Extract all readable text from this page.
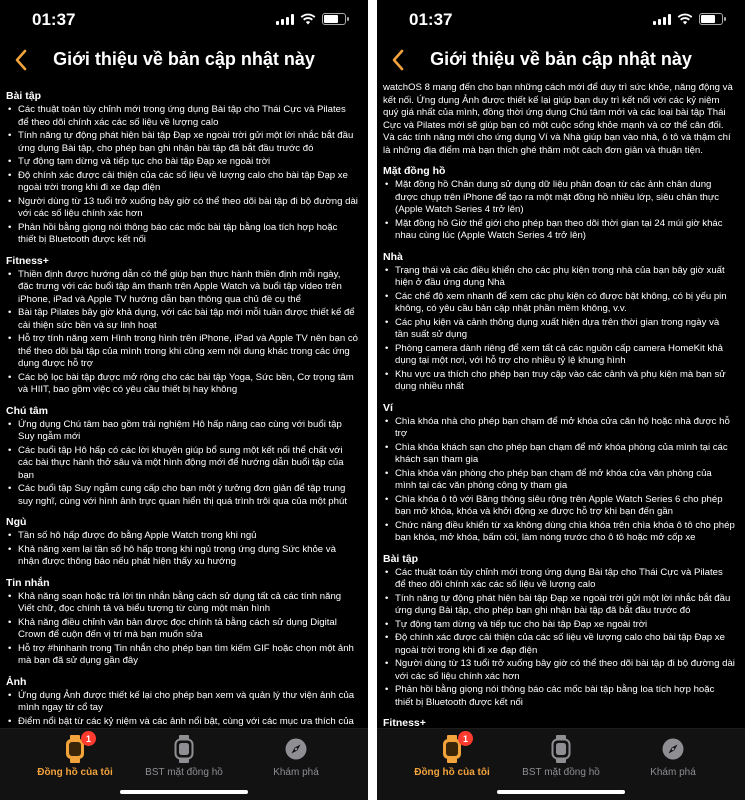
01:37
Giới thiệu về bản cập nhật này
Bài tập
• Các thuật toán tùy chỉnh mới trong ứng dụng Bài tập cho Thái Cực và Pilates để theo dõi chính xác các số liệu về lượng calo
• Tính năng tự động phát hiện bài tập Đạp xe ngoài trời gửi một lời nhắc bắt đầu ứng dụng Bài tập, cho phép bạn ghi nhận bài tập đã bắt đầu trước đó
• Tự động tạm dừng và tiếp tục cho bài tập Đạp xe ngoài trời
• Độ chính xác được cải thiện của các số liệu về lượng calo cho bài tập Đạp xe ngoài trời trong khi đi xe đạp điện
• Người dùng từ 13 tuổi trở xuống bây giờ có thể theo dõi bài tập đi bộ đường dài với các số liệu chính xác hơn
• Phản hồi bằng giọng nói thông báo các mốc bài tập bằng loa tích hợp hoặc thiết bị Bluetooth được kết nối
Fitness+
• Thiền định được hướng dẫn có thể giúp bạn thực hành thiền định mỗi ngày, đặc trưng với các buổi tập âm thanh trên Apple Watch và buổi tập video trên iPhone, iPad và Apple TV hướng dẫn bạn thông qua chủ đề cụ thể
• Bài tập Pilates bây giờ khả dụng, với các bài tập mới mỗi tuần được thiết kế để cải thiện sức bền và sự linh hoạt
• Hỗ trợ tính năng xem Hình trong hình trên iPhone, iPad và Apple TV nên bạn có thể theo dõi bài tập của mình trong khi cũng xem nội dung khác trong các ứng dụng được hỗ trợ
• Các bộ lọc bài tập được mở rộng cho các bài tập Yoga, Sức bền, Cơ trọng tâm và HIIT, bao gồm việc có yêu cầu thiết bị hay không
Chú tâm
• Ứng dụng Chú tâm bao gồm trải nghiệm Hô hấp nâng cao cùng với buổi tập Suy ngẫm mới
• Các buổi tập Hô hấp có các lời khuyên giúp bổ sung một kết nối thể chất với các bài thực hành thở sâu và một hình động mới để hướng dẫn buổi tập của bạn
• Các buổi tập Suy ngẫm cung cấp cho bạn một ý tưởng đơn giản để tập trung suy nghĩ, cùng với hình ảnh trực quan hiển thị quá trình trôi qua của một phút
Ngủ
• Tần số hô hấp được đo bằng Apple Watch trong khi ngủ
• Khả năng xem lại tần số hô hấp trong khi ngủ trong ứng dụng Sức khỏe và nhận được thông báo nếu phát hiện thấy xu hướng
Tin nhắn
• Khả năng soạn hoặc trả lời tin nhắn bằng cách sử dụng tất cả các tính năng Viết chữ, đọc chính tả và biểu tượng từ cùng một màn hình
• Khả năng điều chỉnh văn bản được đọc chính tả bằng cách sử dụng Digital Crown để cuộn đến vị trí mà bạn muốn sửa
• Hỗ trợ #hinhanh trong Tin nhắn cho phép bạn tìm kiếm GIF hoặc chọn một ảnh mà bạn đã sử dụng gần đây
Ảnh
• Ứng dụng Ảnh được thiết kế lại cho phép bạn xem và quản lý thư viện ảnh của mình ngay từ cổ tay
• Điểm nổi bật từ các kỷ niệm và các ảnh nổi bật, cùng với các mục ưa thích của
1
Đồng hồ của tôi	BST mặt đồng hồ	Khám phá
01:37
Giới thiệu về bản cập nhật này

watchOS 8 mang đến cho bạn những cách mới để duy trì sức khỏe, năng động và kết nối. Ứng dụng Ảnh được thiết kế lại giúp bạn duy trì kết nối với các kỷ niệm quý giá nhất của mình, đồng thời ứng dụng Chú tâm mới và các loại bài tập Thái Cực và Pilates mới sẽ giúp bạn có một cuộc sống khỏe mạnh và cơ thể cân đối. Và các tính năng mới cho ứng dụng Ví và Nhà giúp bạn vào nhà, ô tô và thậm chí là những địa điểm mà bạn thích ghé thăm một cách đơn giản và thuận tiện.

Mặt đồng hồ
• Mặt đồng hồ Chân dung sử dụng dữ liệu phân đoạn từ các ảnh chân dung được chụp trên iPhone để tạo ra một mặt đồng hồ nhiều lớp, siêu chân thực (Apple Watch Series 4 trở lên)
• Mặt đồng hồ Giờ thế giới cho phép bạn theo dõi thời gian tại 24 múi giờ khác nhau cùng lúc (Apple Watch Series 4 trở lên)
Nhà
• Trạng thái và các điều khiển cho các phụ kiện trong nhà của bạn bây giờ xuất hiện ở đầu ứng dụng Nhà
• Các chế độ xem nhanh để xem các phụ kiện có được bật không, có bị yếu pin không, có yêu cầu bản cập nhật phần mềm không, v.v.
• Các phụ kiện và cảnh thông dụng xuất hiện dựa trên thời gian trong ngày và tần suất sử dụng
• Phòng camera dành riêng để xem tất cả các nguồn cấp camera HomeKit khả dụng tại một nơi, với hỗ trợ cho nhiều tỷ lệ khung hình
• Khu vực ưa thích cho phép bạn truy cập vào các cảnh và phụ kiện mà bạn sử dụng nhiều nhất
Ví
• Chìa khóa nhà cho phép bạn chạm để mở khóa cửa căn hộ hoặc nhà được hỗ trợ
• Chìa khóa khách sạn cho phép bạn chạm để mở khóa phòng của mình tại các khách sạn tham gia
• Chìa khóa văn phòng cho phép bạn chạm để mở khóa cửa văn phòng của mình tại các văn phòng công ty tham gia
• Chìa khóa ô tô với Băng thông siêu rộng trên Apple Watch Series 6 cho phép bạn mở khóa, khóa và khởi động xe được hỗ trợ khi bạn đến gần
• Chức năng điều khiển từ xa không dùng chìa khóa trên chìa khóa ô tô cho phép bạn khóa, mở khóa, bấm còi, làm nóng trước cho ô tô hoặc mở cốp xe
Bài tập
• Các thuật toán tùy chỉnh mới trong ứng dụng Bài tập cho Thái Cực và Pilates để theo dõi chính xác các số liệu về lượng calo
• Tính năng tự động phát hiện bài tập Đạp xe ngoài trời gửi một lời nhắc bắt đầu ứng dụng Bài tập, cho phép bạn ghi nhận bài tập đã bắt đầu trước đó
• Tự động tạm dừng và tiếp tục cho bài tập Đạp xe ngoài trời
• Độ chính xác được cải thiện của các số liệu về lượng calo cho bài tập Đạp xe ngoài trời trong khi đi xe đạp điện
• Người dùng từ 13 tuổi trở xuống bây giờ có thể theo dõi bài tập đi bộ đường dài với các số liệu chính xác hơn
• Phản hồi bằng giọng nói thông báo các mốc bài tập bằng loa tích hợp hoặc thiết bị Bluetooth được kết nối
Fitness+
1
Đồng hồ của tôi	BST mặt đồng hồ	Khám phá
